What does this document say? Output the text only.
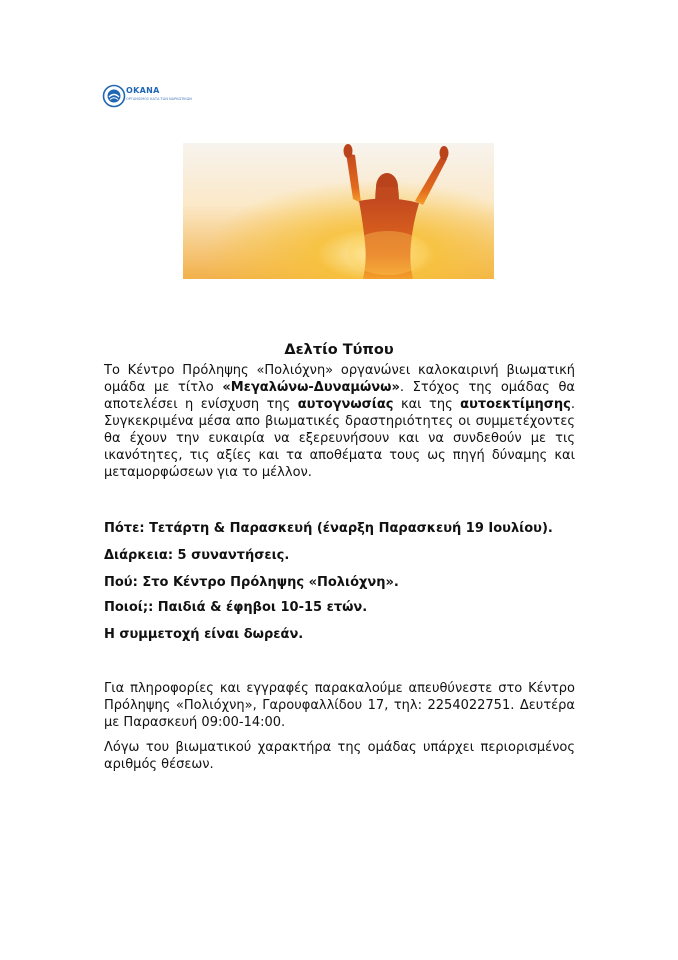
OKANA
ΟΡΓΑΝΙΣΜΟΣ ΚΑΤΑ ΤΩΝ ΝΑΡΚΩΤΙΚΩΝ
Δελτίο Τύπου

Το Κέντρο Πρόληψης «Πολιόχνη» οργανώνει καλοκαιρινή βιωματική ομάδα με τίτλο «Μεγαλώνω-Δυναμώνω». Στόχος της ομάδας θα αποτελέσει η ενίσχυση της αυτογνωσίας και της αυτοεκτίμησης. Συγκεκριμένα μέσα απο βιωματικές δραστηριότητες οι συμμετέχοντες θα έχουν την ευκαιρία να εξερευνήσουν και να συνδεθούν με τις ικανότητες, τις αξίες και τα αποθέματα τους ως πηγή δύναμης και μεταμορφώσεων για το μέλλον.

Πότε: Τετάρτη & Παρασκευή (έναρξη Παρασκευή 19 Ιουλίου).

Διάρκεια: 5 συναντήσεις.

Πού: Στο Κέντρο Πρόληψης «Πολιόχνη».

Ποιοί;: Παιδιά & έφηβοι 10-15 ετών.

Η συμμετοχή είναι δωρεάν.

Για πληροφορίες και εγγραφές παρακαλούμε απευθύνεστε στο Κέντρο Πρόληψης «Πολιόχνη», Γαρουφαλλίδου 17, τηλ: 2254022751. Δευτέρα με Παρασκευή 09:00-14:00.

Λόγω του βιωματικού χαρακτήρα της ομάδας υπάρχει περιορισμένος αριθμός θέσεων.
